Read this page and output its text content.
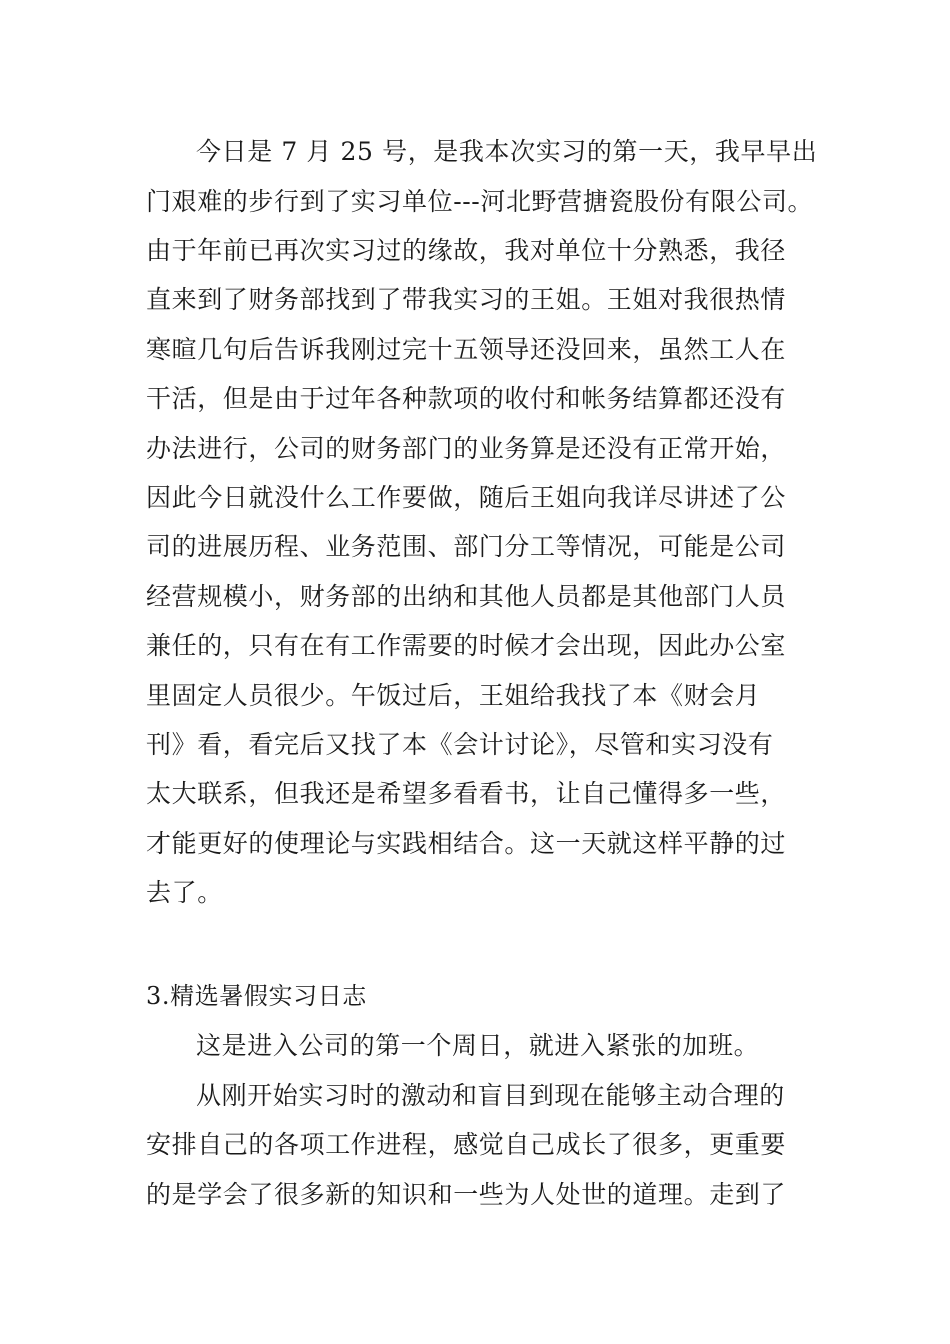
今日是 7 月 25 号，是我本次实习的第一天，我早早出
门艰难的步行到了实习单位---河北野营搪瓷股份有限公司。
由于年前已再次实习过的缘故，我对单位十分熟悉，我径
直来到了财务部找到了带我实习的王姐。王姐对我很热情
寒暄几句后告诉我刚过完十五领导还没回来，虽然工人在
干活，但是由于过年各种款项的收付和帐务结算都还没有
办法进行，公司的财务部门的业务算是还没有正常开始，
因此今日就没什么工作要做，随后王姐向我详尽讲述了公
司的进展历程、业务范围、部门分工等情况，可能是公司
经营规模小，财务部的出纳和其他人员都是其他部门人员
兼任的，只有在有工作需要的时候才会出现，因此办公室
里固定人员很少。午饭过后，王姐给我找了本《财会月
刊》看，看完后又找了本《会计讨论》，尽管和实习没有
太大联系，但我还是希望多看看书，让自己懂得多一些，
才能更好的使理论与实践相结合。这一天就这样平静的过
去了。
3.精选暑假实习日志
这是进入公司的第一个周日，就进入紧张的加班。
从刚开始实习时的激动和盲目到现在能够主动合理的
安排自己的各项工作进程，感觉自己成长了很多，更重要
的是学会了很多新的知识和一些为人处世的道理。走到了
